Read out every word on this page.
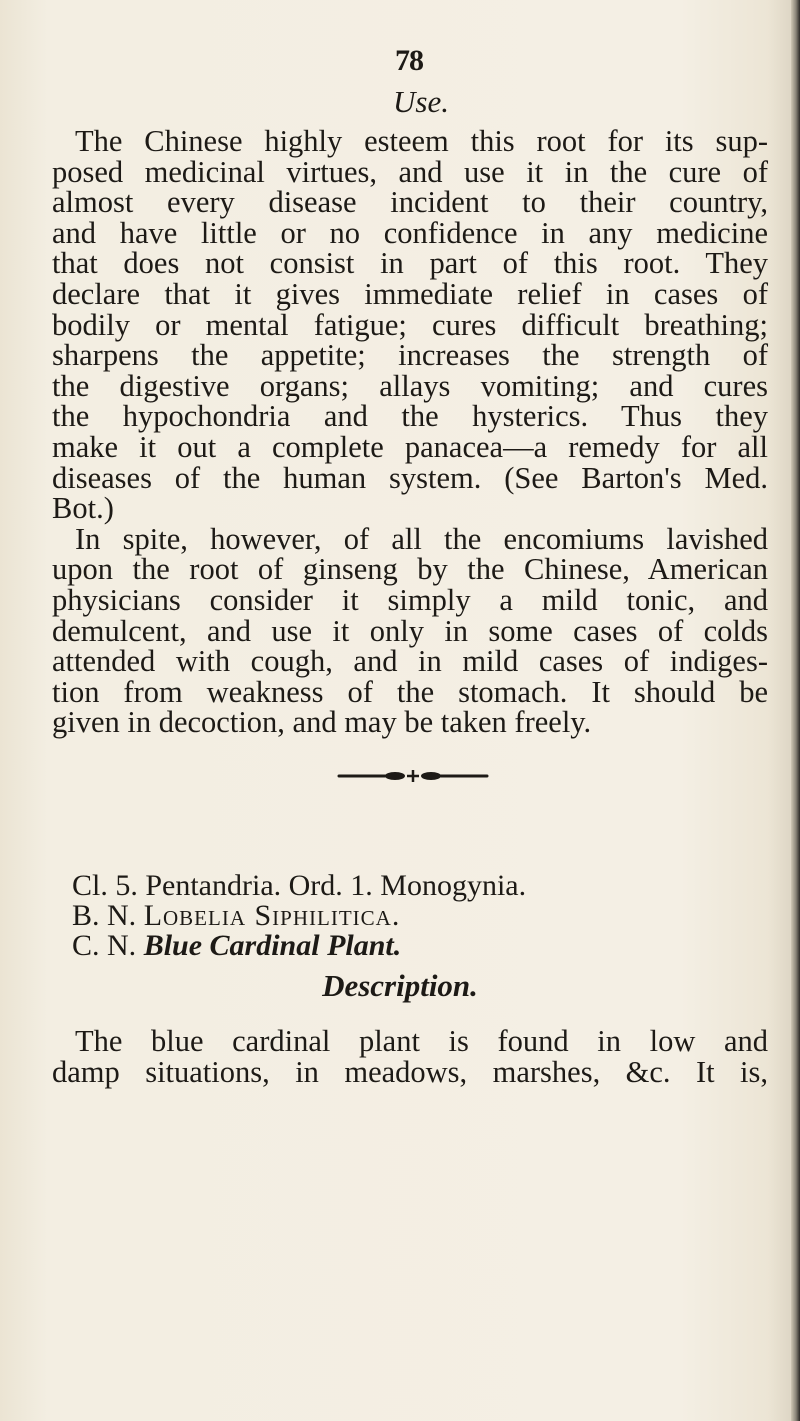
78
Use.
The Chinese highly esteem this root for its sup-
posed medicinal virtues, and use it in the cure of
almost every disease incident to their country,
and have little or no confidence in any medicine
that does not consist in part of this root. They
declare that it gives immediate relief in cases of
bodily or mental fatigue; cures difficult breathing;
sharpens the appetite; increases the strength of
the digestive organs; allays vomiting; and cures
the hypochondria and the hysterics. Thus they
make it out a complete panacea—a remedy for all
diseases of the human system. (See Barton's Med.
Bot.)
In spite, however, of all the encomiums lavished
upon the root of ginseng by the Chinese, American
physicians consider it simply a mild tonic, and
demulcent, and use it only in some cases of colds
attended with cough, and in mild cases of indiges-
tion from weakness of the stomach. It should be
given in decoction, and may be taken freely.
Cl. 5. Pentandria. Ord. 1. Monogynia.
B. N. Lobelia Siphilitica.
C. N. Blue Cardinal Plant.
Description.
The blue cardinal plant is found in low and
damp situations, in meadows, marshes, &c. It is,
